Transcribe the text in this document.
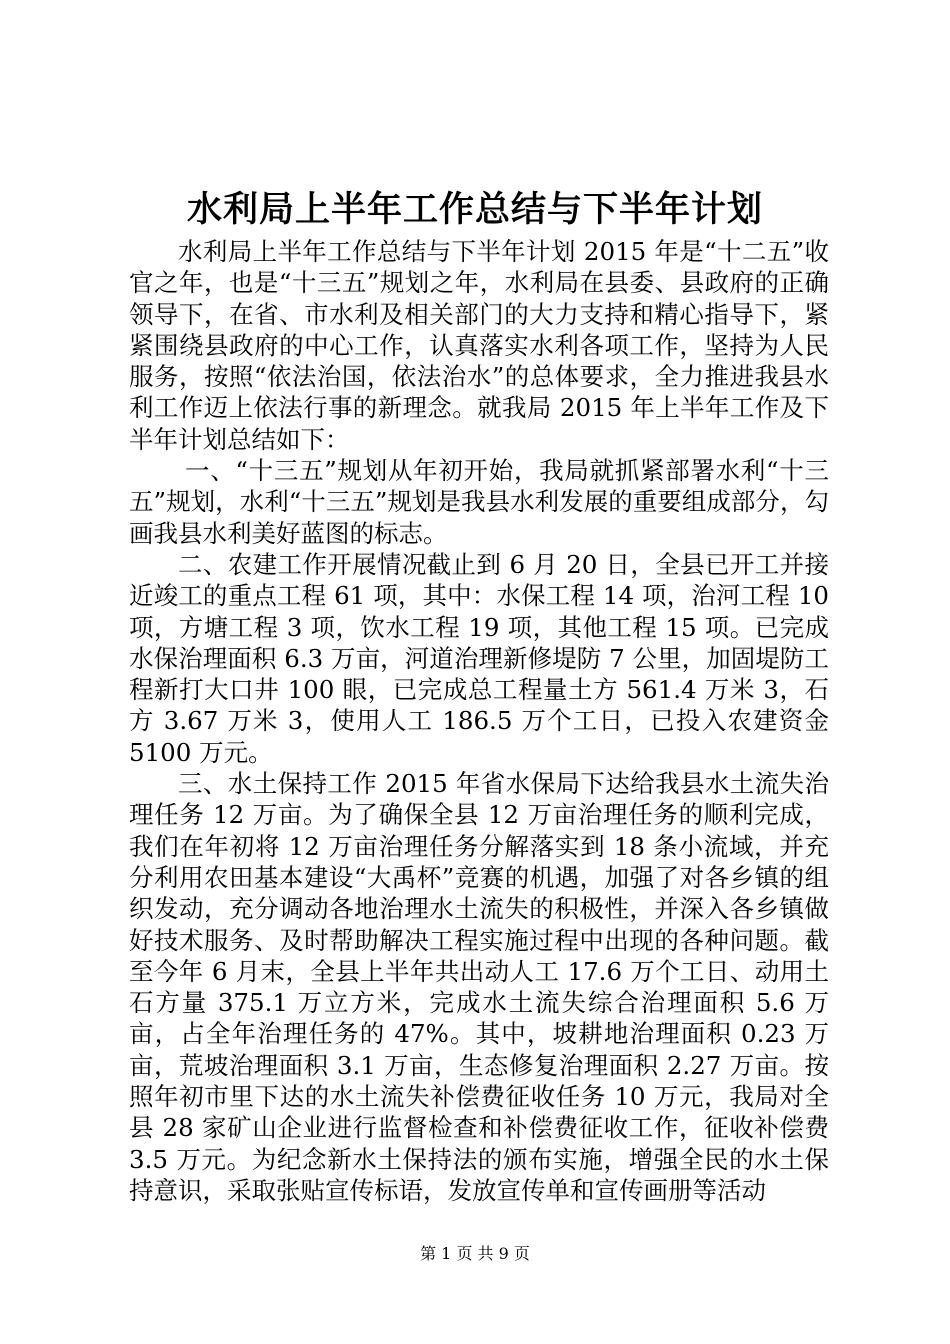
水利局上半年工作总结与下半年计划

水利局上半年工作总结与下半年计划 2015 年是“十二五”收官之年，也是“十三五”规划之年，水利局在县委、县政府的正确领导下，在省、市水利及相关部门的大力支持和精心指导下，紧紧围绕县政府的中心工作，认真落实水利各项工作，坚持为人民服务，按照“依法治国，依法治水”的总体要求，全力推进我县水利工作迈上依法行事的新理念。就我局 2015 年上半年工作及下半年计划总结如下：

一、“十三五”规划从年初开始，我局就抓紧部署水利“十三五”规划，水利“十三五”规划是我县水利发展的重要组成部分，勾画我县水利美好蓝图的标志。

二、农建工作开展情况截止到 6 月 20 日，全县已开工并接近竣工的重点工程 61 项，其中：水保工程 14 项，治河工程 10 项，方塘工程 3 项，饮水工程 19 项，其他工程 15 项。已完成水保治理面积 6.3 万亩，河道治理新修堤防 7 公里，加固堤防工程新打大口井 100 眼，已完成总工程量土方 561.4 万米 3，石方 3.67 万米 3，使用人工 186.5 万个工日，已投入农建资金 5100 万元。

三、水土保持工作 2015 年省水保局下达给我县水土流失治理任务 12 万亩。为了确保全县 12 万亩治理任务的顺利完成，我们在年初将 12 万亩治理任务分解落实到 18 条小流域，并充分利用农田基本建设“大禹杯”竞赛的机遇，加强了对各乡镇的组织发动，充分调动各地治理水土流失的积极性，并深入各乡镇做好技术服务、及时帮助解决工程实施过程中出现的各种问题。截至今年 6 月末，全县上半年共出动人工 17.6 万个工日、动用土石方量 375.1 万立方米，完成水土流失综合治理面积 5.6 万亩，占全年治理任务的 47%。其中，坡耕地治理面积 0.23 万亩，荒坡治理面积 3.1 万亩，生态修复治理面积 2.27 万亩。按照年初市里下达的水土流失补偿费征收任务 10 万元，我局对全县 28 家矿山企业进行监督检查和补偿费征收工作，征收补偿费 3.5 万元。为纪念新水土保持法的颁布实施，增强全民的水土保持意识，采取张贴宣传标语，发放宣传单和宣传画册等活动

第 1 页 共 9 页
